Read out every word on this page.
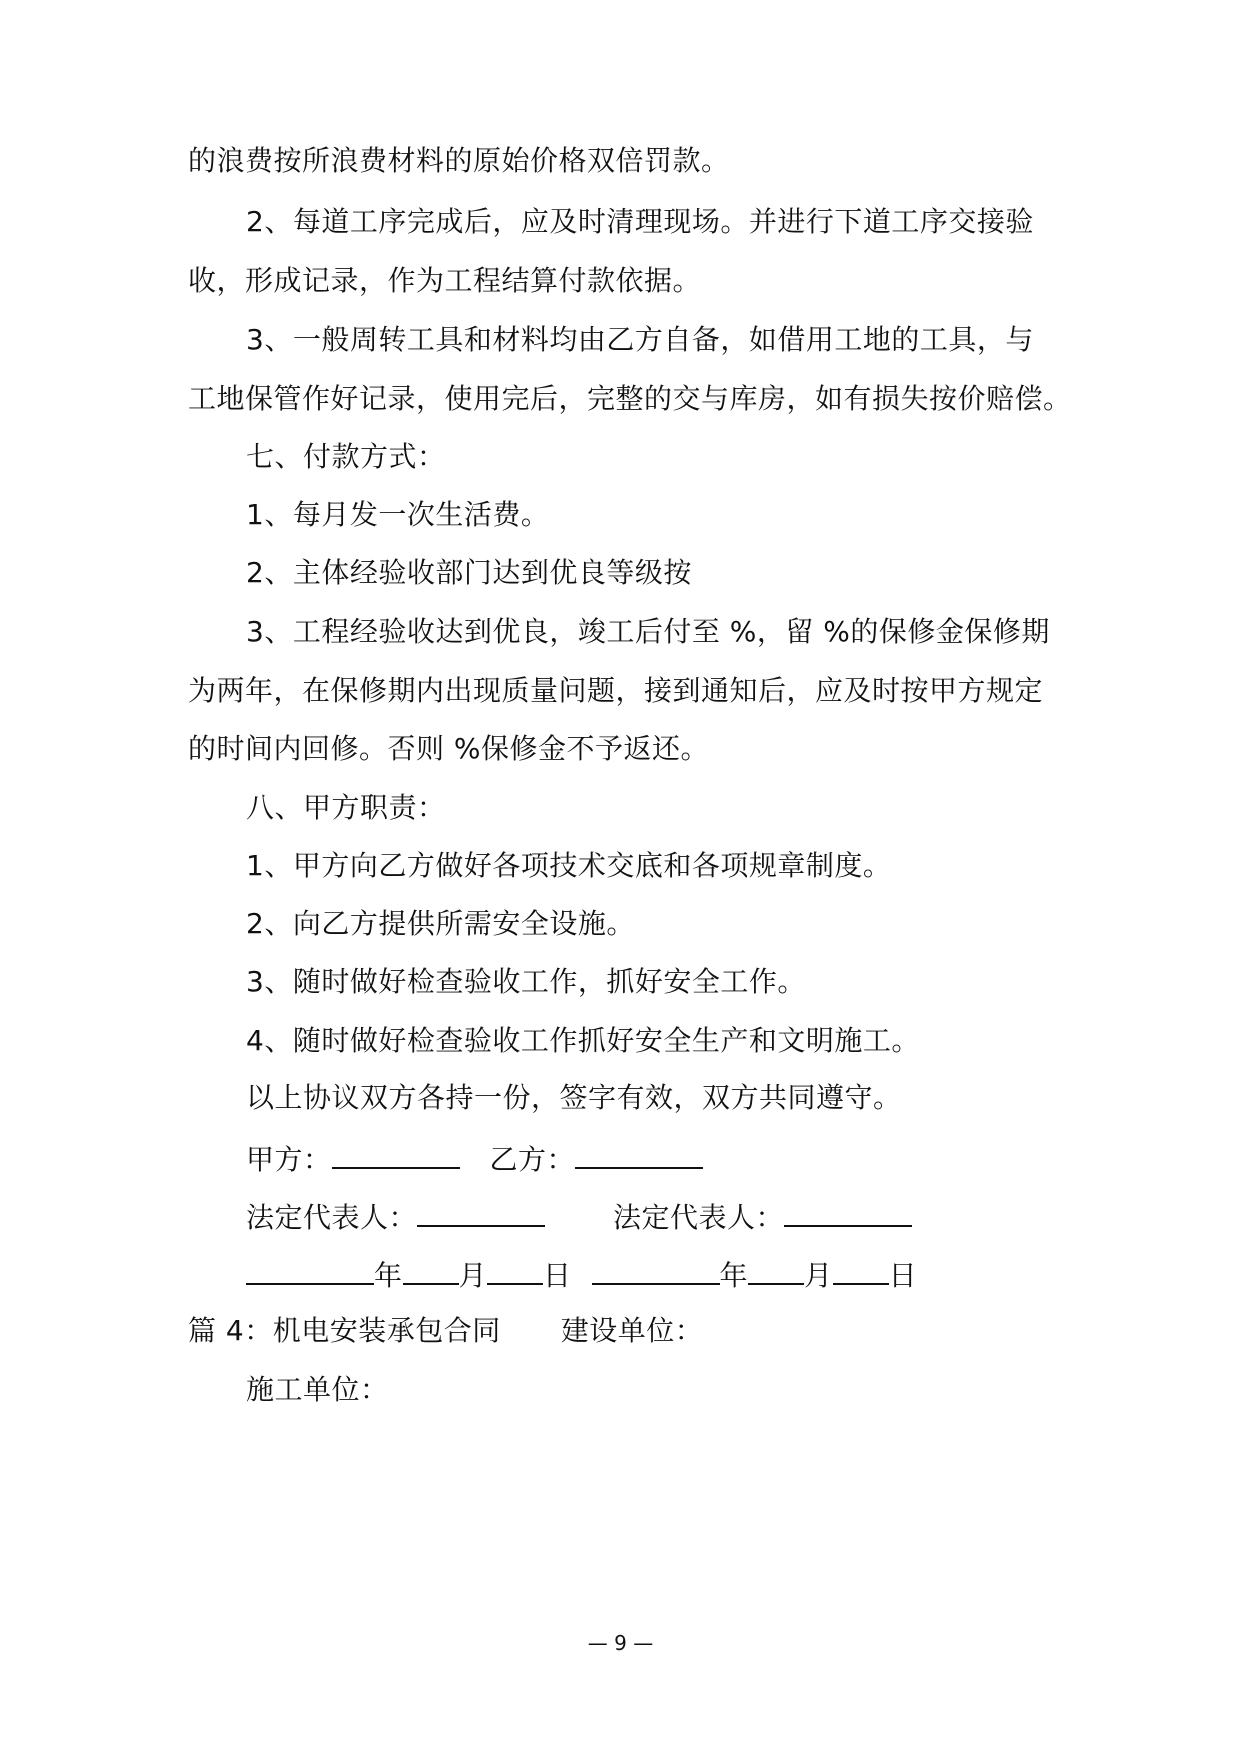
的浪费按所浪费材料的原始价格双倍罚款。
2、每道工序完成后，应及时清理现场。并进行下道工序交接验
收，形成记录，作为工程结算付款依据。
3、一般周转工具和材料均由乙方自备，如借用工地的工具，与
工地保管作好记录，使用完后，完整的交与库房，如有损失按价赔偿。
七、付款方式：
1、每月发一次生活费。
2、主体经验收部门达到优良等级按
3、工程经验收达到优良，竣工后付至 %，留 %的保修金保修期
为两年，在保修期内出现质量问题，接到通知后，应及时按甲方规定
的时间内回修。否则 %保修金不予返还。
八、甲方职责：
1、甲方向乙方做好各项技术交底和各项规章制度。
2、向乙方提供所需安全设施。
3、随时做好检查验收工作，抓好安全工作。
4、随时做好检查验收工作抓好安全生产和文明施工。
以上协议双方各持一份，签字有效，双方共同遵守。
甲方：	乙方：
法定代表人：	法定代表人：
年 月 日	年 月 日
篇 4：机电安装承包合同 建设单位：
施工单位：
— 9 —
